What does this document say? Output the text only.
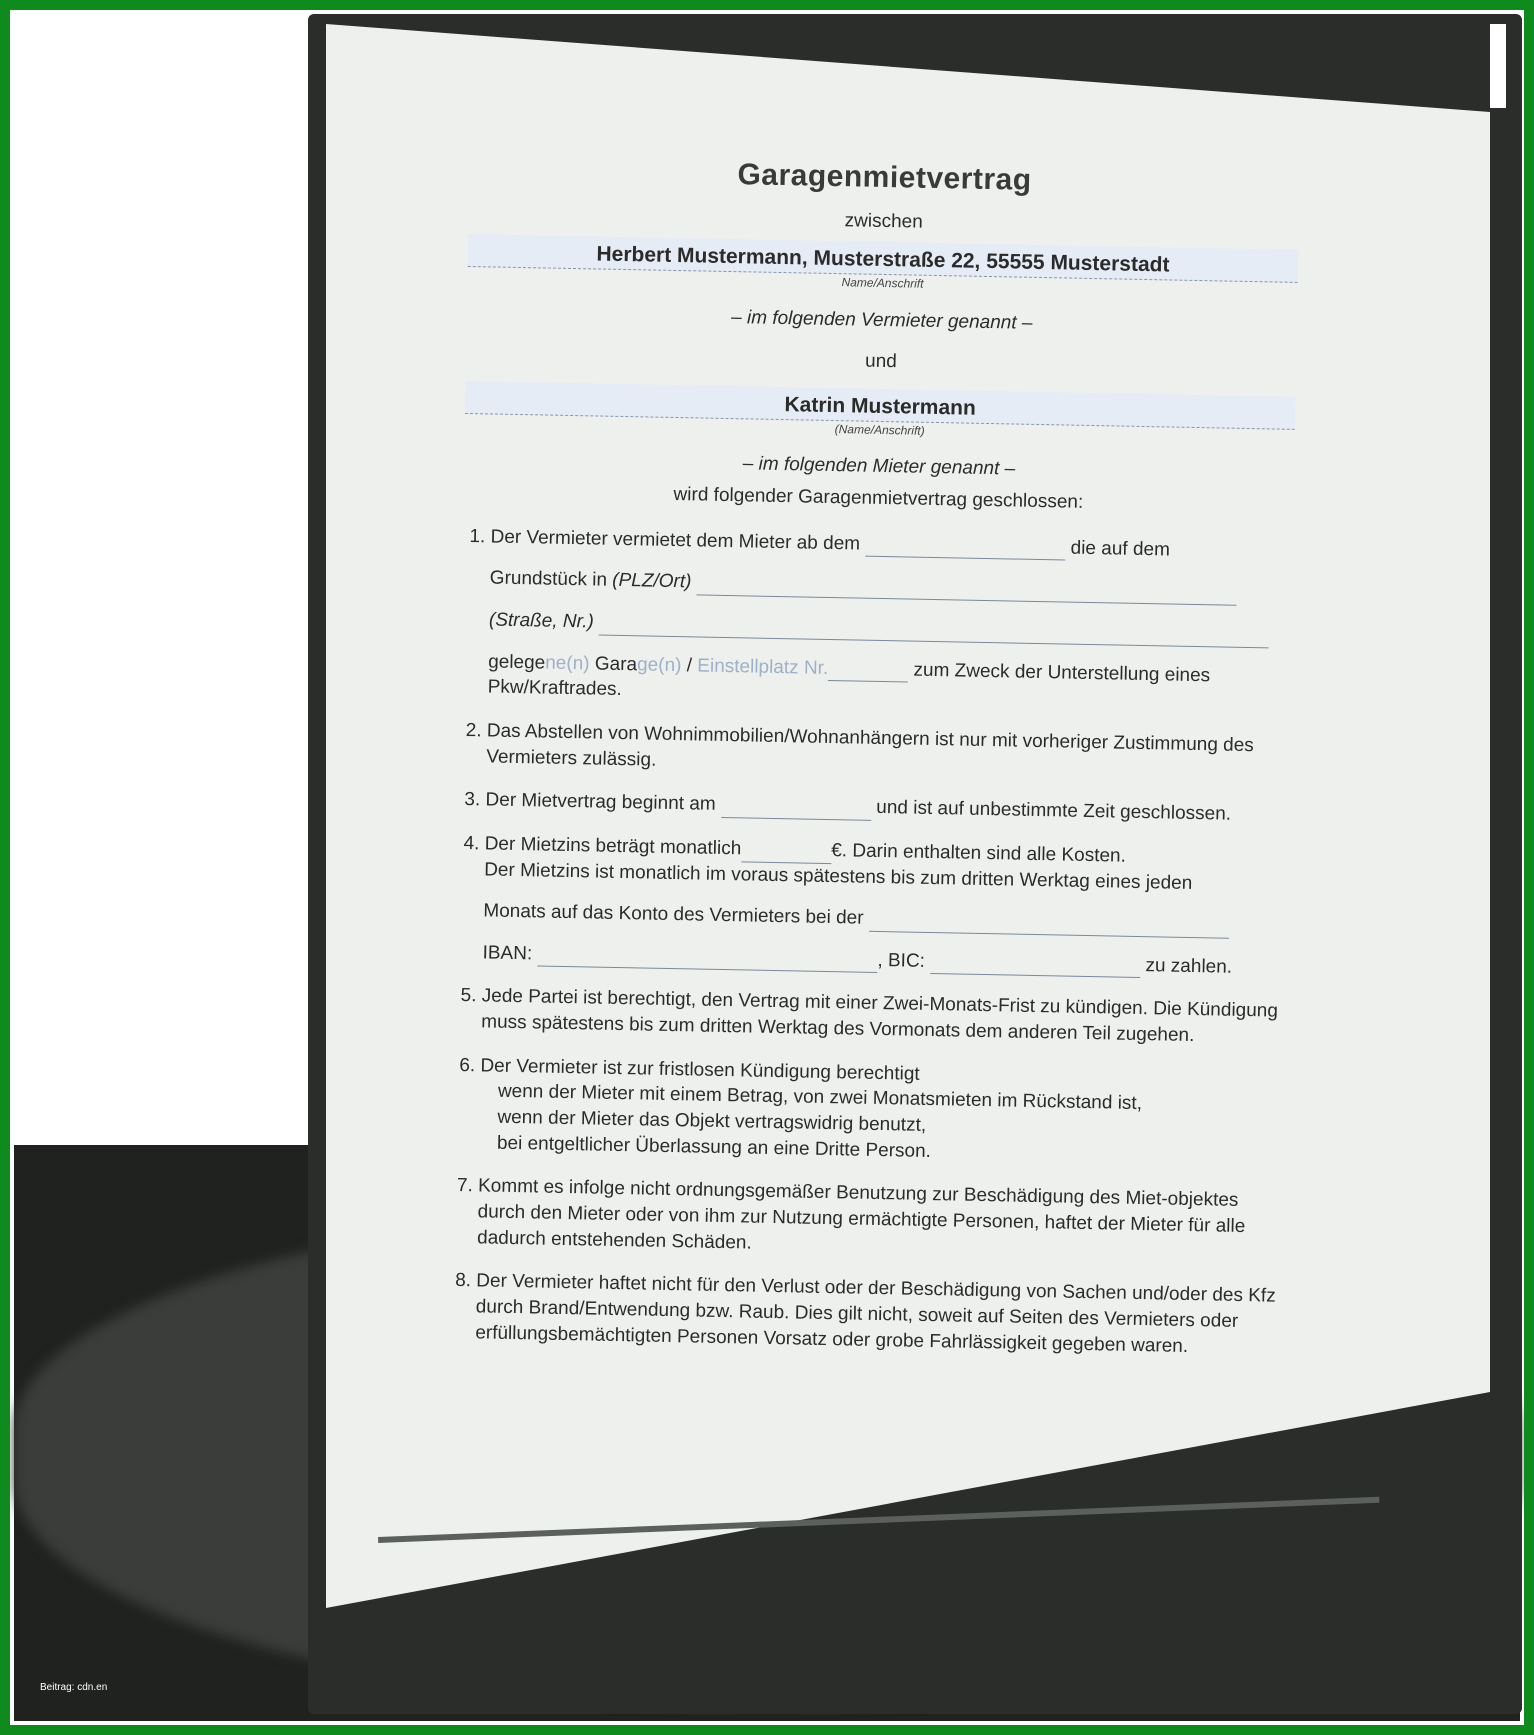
Garagenmietvertrag
zwischen
Herbert Mustermann, Musterstraße 22, 55555 Musterstadt
Name/Anschrift
– im folgenden Vermieter genannt –
und
Katrin Mustermann
(Name/Anschrift)
– im folgenden Mieter genannt –
wird folgender Garagenmietvertrag geschlossen:
1. Der Vermieter vermietet dem Mieter ab dem	die auf dem
Grundstück in (PLZ/Ort)
(Straße, Nr.)
gelegene(n) Garage(n) / Einstellplatz Nr.	zum Zweck der Unterstellung eines Pkw/Kraftrades.
2. Das Abstellen von Wohnimmobilien/Wohnanhängern ist nur mit vorheriger Zustimmung des Vermieters zulässig.
3. Der Mietvertrag beginnt am	und ist auf unbestimmte Zeit geschlossen.
4. Der Mietzins beträgt monatlich	€. Darin enthalten sind alle Kosten.
Der Mietzins ist monatlich im voraus spätestens bis zum dritten Werktag eines jeden
Monats auf das Konto des Vermieters bei der
IBAN:	, BIC:	zu zahlen.
5. Jede Partei ist berechtigt, den Vertrag mit einer Zwei-Monats-Frist zu kündigen. Die Kündigung muss spätestens bis zum dritten Werktag des Vormonats dem anderen Teil zugehen.
6. Der Vermieter ist zur fristlosen Kündigung berechtigt
wenn der Mieter mit einem Betrag, von zwei Monatsmieten im Rückstand ist,
wenn der Mieter das Objekt vertragswidrig benutzt,
bei entgeltlicher Überlassung an eine Dritte Person.
7. Kommt es infolge nicht ordnungsgemäßer Benutzung zur Beschädigung des Miet-objektes durch den Mieter oder von ihm zur Nutzung ermächtigte Personen, haftet der Mieter für alle dadurch entstehenden Schäden.
8. Der Vermieter haftet nicht für den Verlust oder der Beschädigung von Sachen und/oder des Kfz durch Brand/Entwendung bzw. Raub. Dies gilt nicht, soweit auf Seiten des Vermieters oder erfüllungsbemächtigten Personen Vorsatz oder grobe Fahrlässigkeit gegeben waren.
Beitrag: cdn.en
